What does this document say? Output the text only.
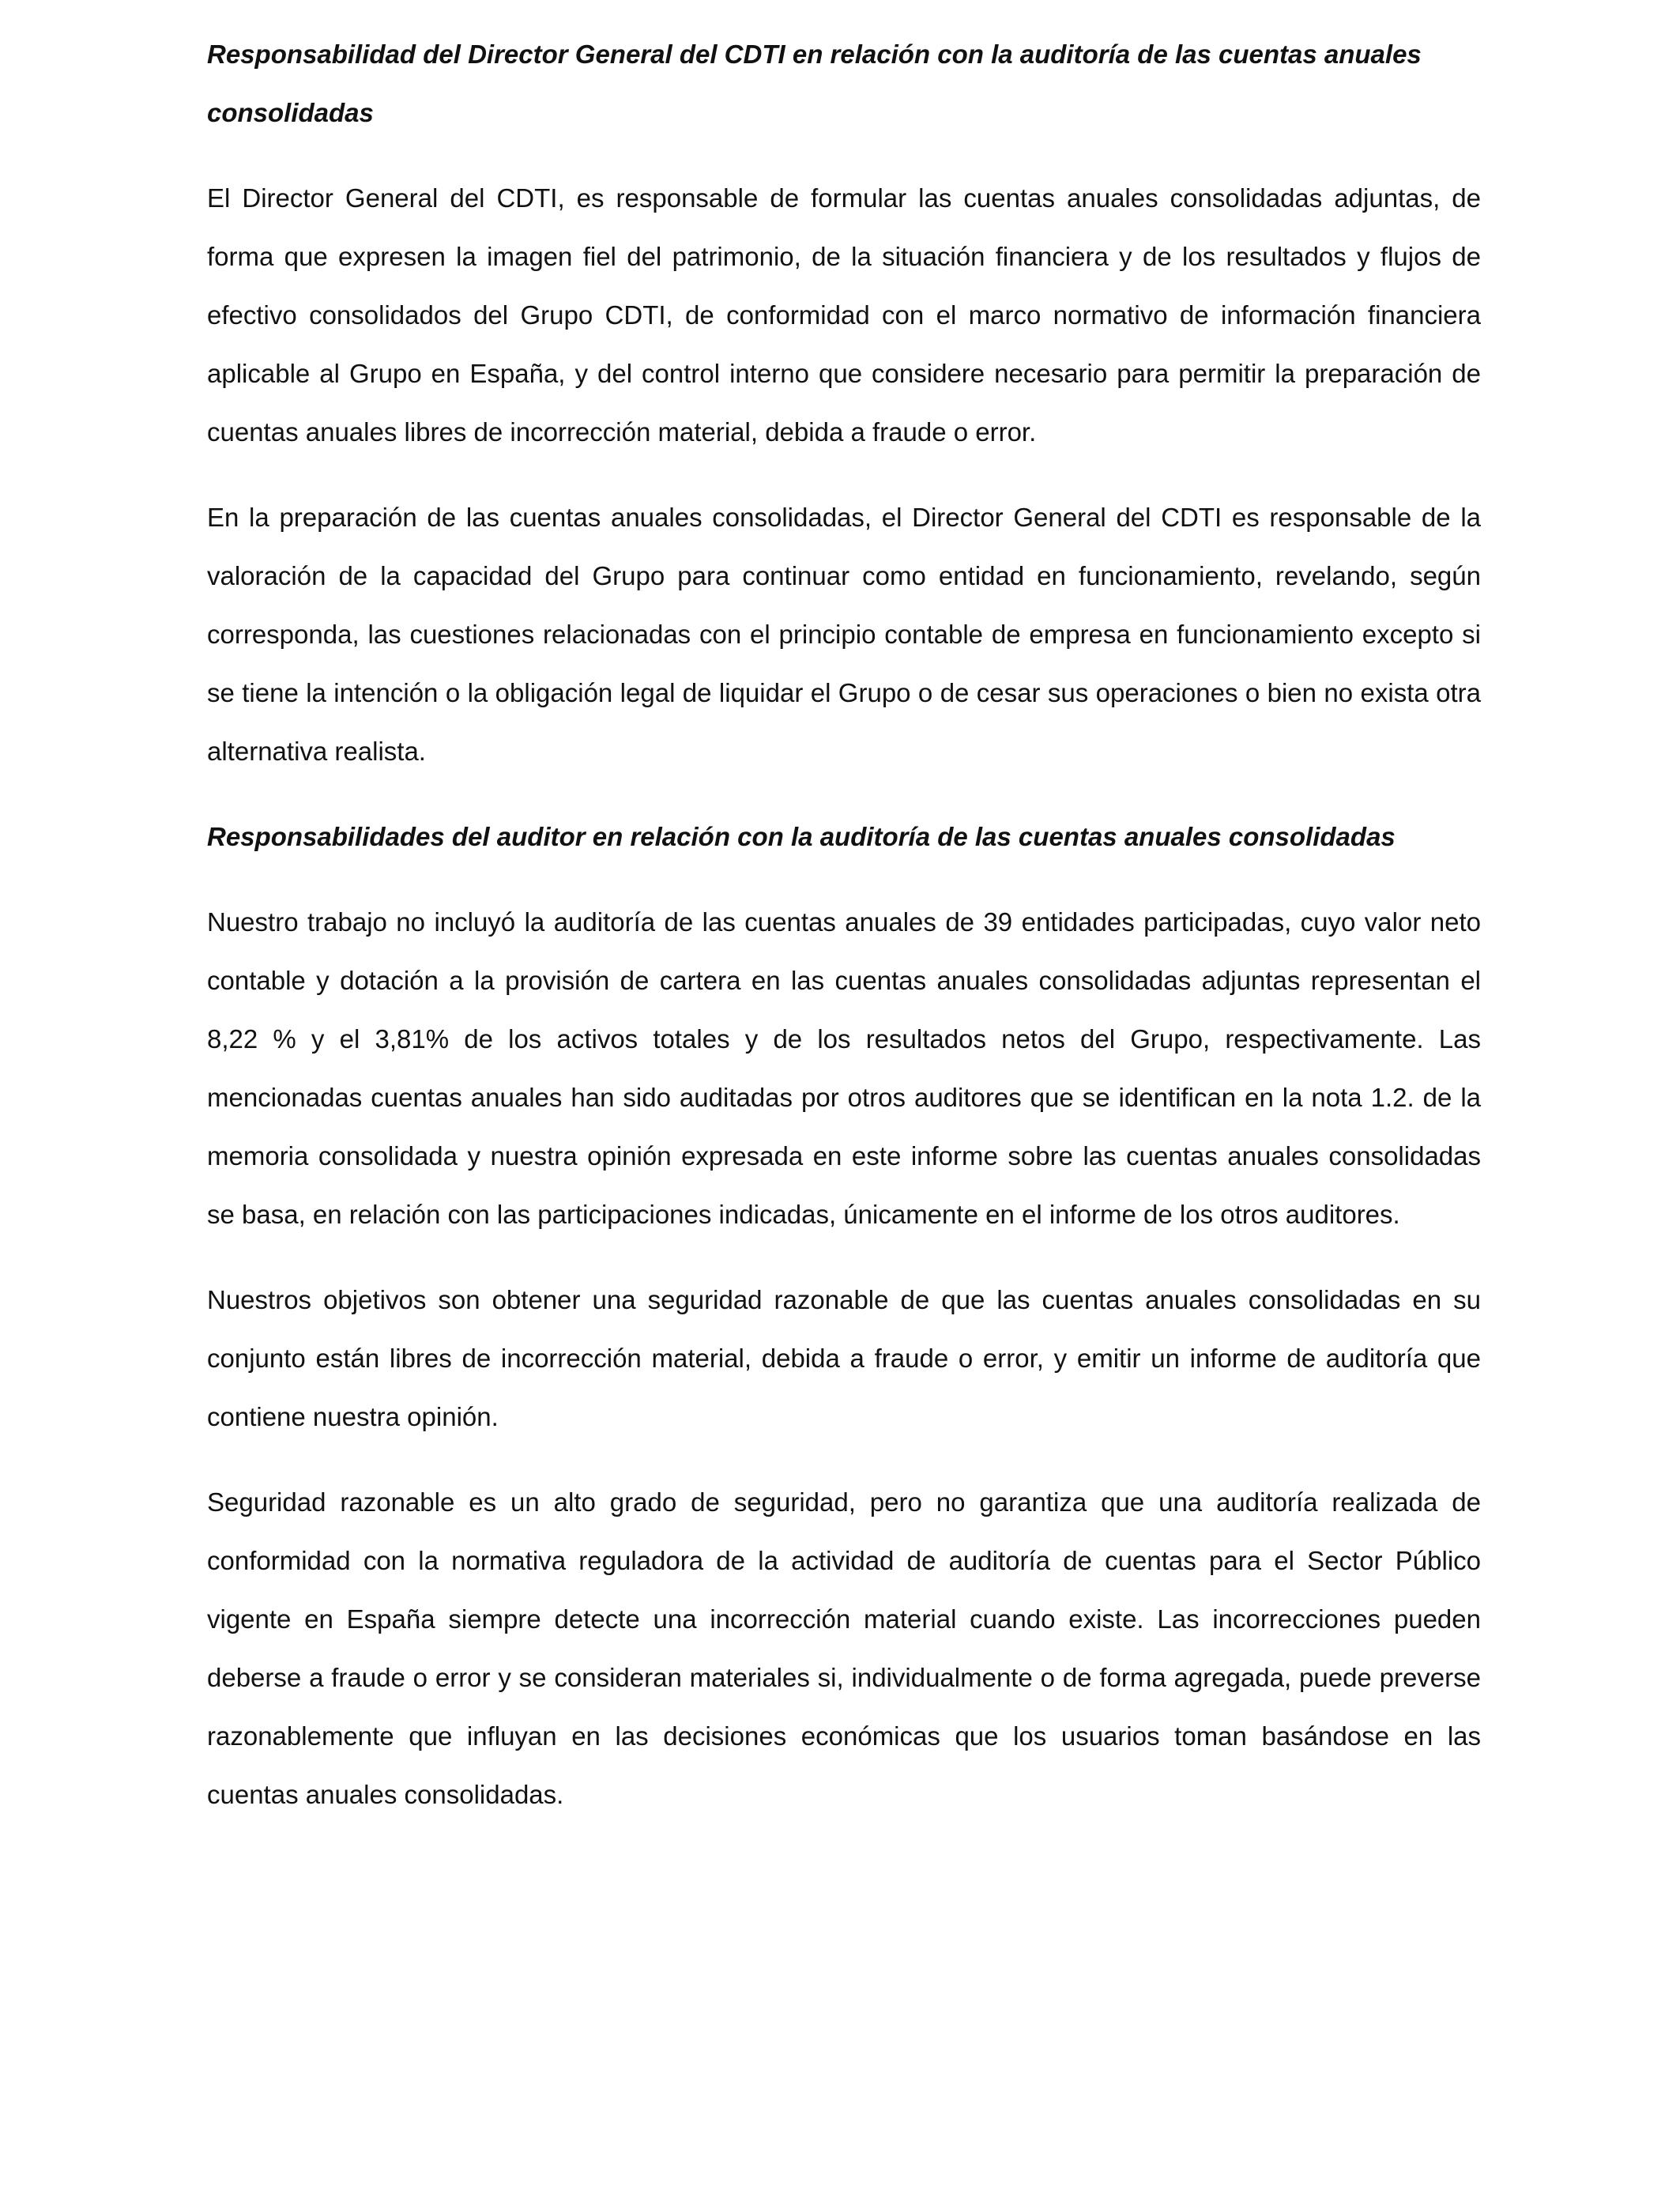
Responsabilidad del Director General del CDTI en relación con la auditoría de las cuentas anuales consolidadas

El Director General del CDTI, es responsable de formular las cuentas anuales consolidadas adjuntas, de forma que expresen la imagen fiel del patrimonio, de la situación financiera y de los resultados y flujos de efectivo consolidados del Grupo CDTI, de conformidad con el marco normativo de información financiera aplicable al Grupo en España, y del control interno que considere necesario para permitir la preparación de cuentas anuales libres de incorrección material, debida a fraude o error.

En la preparación de las cuentas anuales consolidadas, el Director General del CDTI es responsable de la valoración de la capacidad del Grupo para continuar como entidad en funcionamiento, revelando, según corresponda, las cuestiones relacionadas con el principio contable de empresa en funcionamiento excepto si se tiene la intención o la obligación legal de liquidar el Grupo o de cesar sus operaciones o bien no exista otra alternativa realista.

Responsabilidades del auditor en relación con la auditoría de las cuentas anuales consolidadas

Nuestro trabajo no incluyó la auditoría de las cuentas anuales de 39 entidades participadas, cuyo valor neto contable y dotación a la provisión de cartera en las cuentas anuales consolidadas adjuntas representan el 8,22 % y el 3,81% de los activos totales y de los resultados netos del Grupo, respectivamente. Las mencionadas cuentas anuales han sido auditadas por otros auditores que se identifican en la nota 1.2. de la memoria consolidada y nuestra opinión expresada en este informe sobre las cuentas anuales consolidadas se basa, en relación con las participaciones indicadas, únicamente en el informe de los otros auditores.

Nuestros objetivos son obtener una seguridad razonable de que las cuentas anuales consolidadas en su conjunto están libres de incorrección material, debida a fraude o error, y emitir un informe de auditoría que contiene nuestra opinión.

Seguridad razonable es un alto grado de seguridad, pero no garantiza que una auditoría realizada de conformidad con la normativa reguladora de la actividad de auditoría de cuentas para el Sector Público vigente en España siempre detecte una incorrección material cuando existe. Las incorrecciones pueden deberse a fraude o error y se consideran materiales si, individualmente o de forma agregada, puede preverse razonablemente que influyan en las decisiones económicas que los usuarios toman basándose en las cuentas anuales consolidadas.
